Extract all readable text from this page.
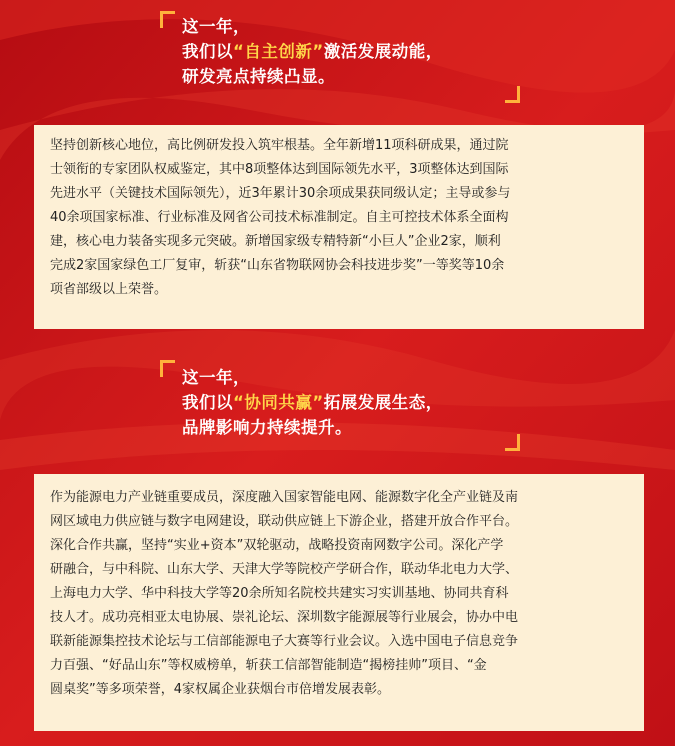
这一年，
我们以“自主创新”激活发展动能，
研发亮点持续凸显。
坚持创新核心地位，高比例研发投入筑牢根基。全年新增11项科研成果，通过院
士领衔的专家团队权威鉴定，其中8项整体达到国际领先水平，3项整体达到国际
先进水平（关键技术国际领先），近3年累计30余项成果获同级认定；主导或参与
40余项国家标准、行业标准及网省公司技术标准制定。自主可控技术体系全面构
建，核心电力装备实现多元突破。新增国家级专精特新“小巨人”企业2家，顺利
完成2家国家绿色工厂复审，斩获“山东省物联网协会科技进步奖”一等奖等10余
项省部级以上荣誉。
这一年，
我们以“协同共赢”拓展发展生态，
品牌影响力持续提升。
作为能源电力产业链重要成员，深度融入国家智能电网、能源数字化全产业链及南
网区域电力供应链与数字电网建设，联动供应链上下游企业，搭建开放合作平台。
深化合作共赢，坚持“实业+资本”双轮驱动，战略投资南网数字公司。深化产学
研融合，与中科院、山东大学、天津大学等院校产学研合作，联动华北电力大学、
上海电力大学、华中科技大学等20余所知名院校共建实习实训基地、协同共育科
技人才。成功亮相亚太电协展、崇礼论坛、深圳数字能源展等行业展会，协办中电
联新能源集控技术论坛与工信部能源电子大赛等行业会议。入选中国电子信息竞争
力百强、“好品山东”等权威榜单，斩获工信部智能制造“揭榜挂帅”项目、“金
圆桌奖”等多项荣誉，4家权属企业获烟台市倍增发展表彰。
